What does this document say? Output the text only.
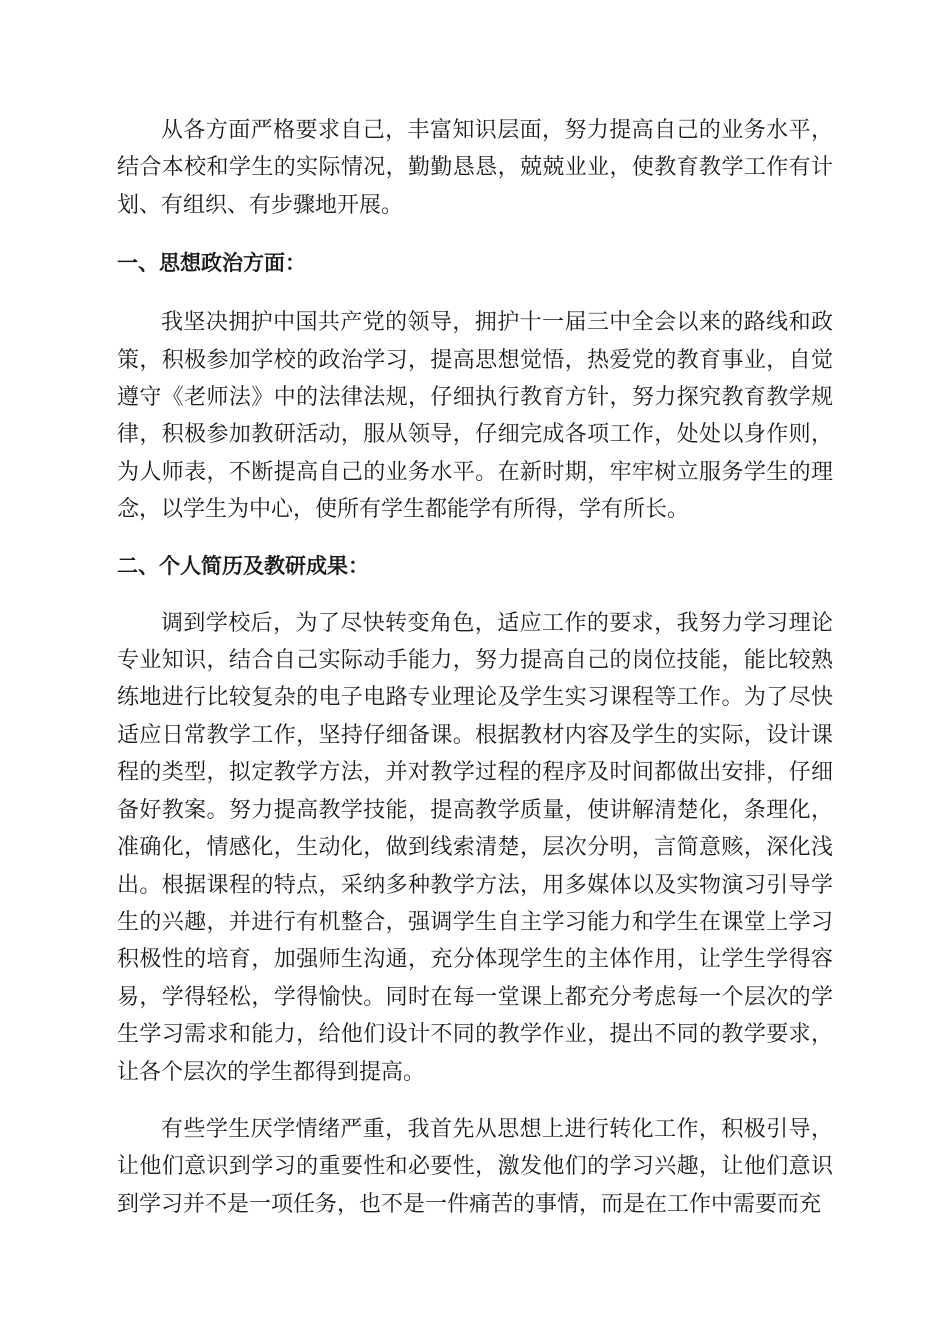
从各方面严格要求自己，丰富知识层面，努力提高自己的业务水平，结合本校和学生的实际情况，勤勤恳恳，兢兢业业，使教育教学工作有计划、有组织、有步骤地开展。

一、思想政治方面：

我坚决拥护中国共产党的领导，拥护十一届三中全会以来的路线和政策，积极参加学校的政治学习，提高思想觉悟，热爱党的教育事业，自觉遵守《老师法》中的法律法规，仔细执行教育方针，努力探究教育教学规律，积极参加教研活动，服从领导，仔细完成各项工作，处处以身作则，为人师表，不断提高自己的业务水平。在新时期，牢牢树立服务学生的理念，以学生为中心，使所有学生都能学有所得，学有所长。

二、个人简历及教研成果：

调到学校后，为了尽快转变角色，适应工作的要求，我努力学习理论专业知识，结合自己实际动手能力，努力提高自己的岗位技能，能比较熟练地进行比较复杂的电子电路专业理论及学生实习课程等工作。为了尽快适应日常教学工作，坚持仔细备课。根据教材内容及学生的实际，设计课程的类型，拟定教学方法，并对教学过程的程序及时间都做出安排，仔细备好教案。努力提高教学技能，提高教学质量，使讲解清楚化，条理化，准确化，情感化，生动化，做到线索清楚，层次分明，言简意赅，深化浅出。根据课程的特点，采纳多种教学方法，用多媒体以及实物演习引导学生的兴趣，并进行有机整合，强调学生自主学习能力和学生在课堂上学习积极性的培育，加强师生沟通，充分体现学生的主体作用，让学生学得容易，学得轻松，学得愉快。同时在每一堂课上都充分考虑每一个层次的学生学习需求和能力，给他们设计不同的教学作业，提出不同的教学要求，让各个层次的学生都得到提高。

有些学生厌学情绪严重，我首先从思想上进行转化工作，积极引导，让他们意识到学习的重要性和必要性，激发他们的学习兴趣，让他们意识到学习并不是一项任务，也不是一件痛苦的事情，而是在工作中需要而充
